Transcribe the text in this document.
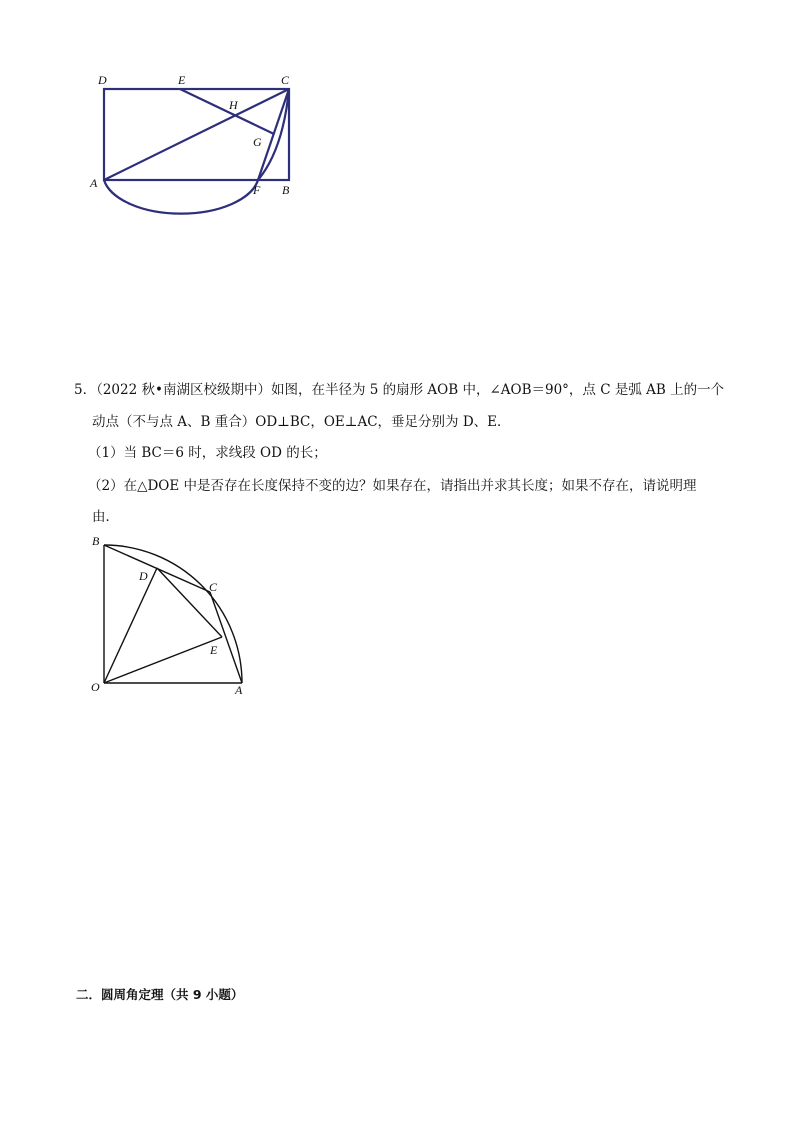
D	E	C
H
G
A	F B
5．（2022 秋•南湖区校级期中）如图，在半径为 5 的扇形 AOB 中，∠AOB＝90°，点 C 是弧 AB 上的一个
动点（不与点 A、B 重合）OD⊥BC，OE⊥AC，垂足分别为 D、E．
（1）当 BC＝6 时，求线段 OD 的长；
（2）在△DOE 中是否存在长度保持不变的边？如果存在，请指出并求其长度；如果不存在，请说明理
由．
B
D
C
E
O	A
二．圆周角定理（共 9 小题）
